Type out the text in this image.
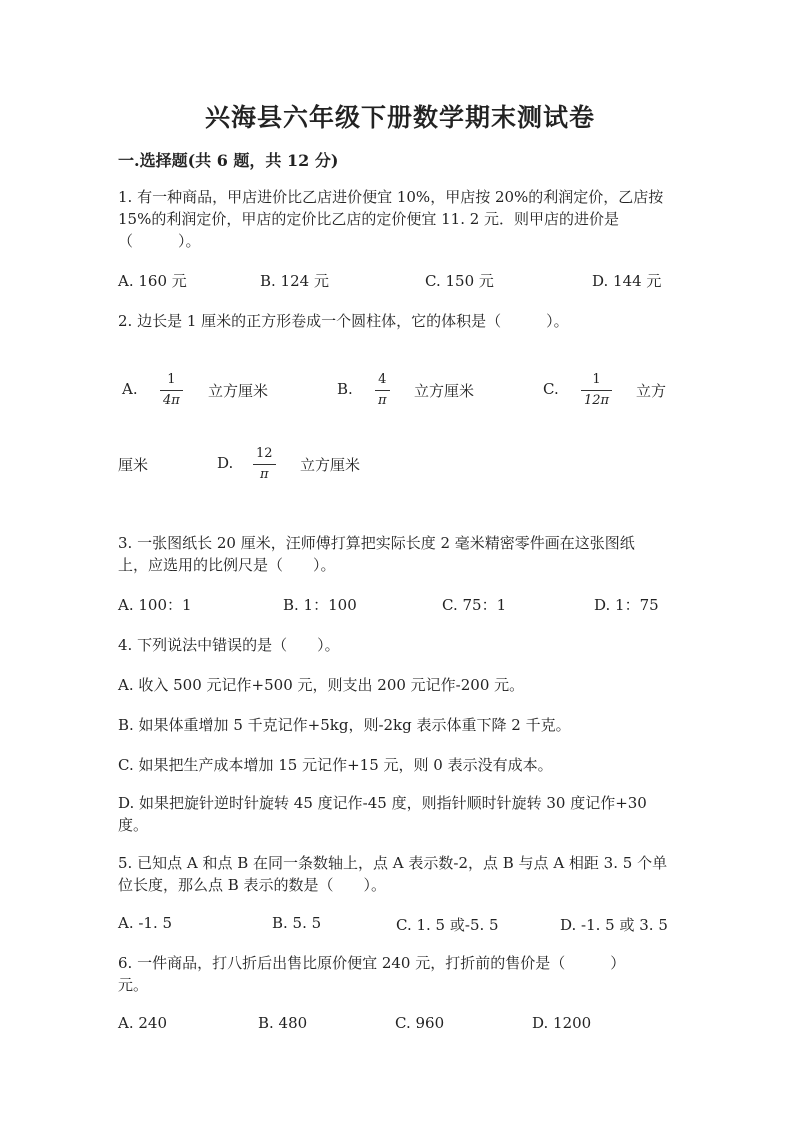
兴海县六年级下册数学期末测试卷
一.选择题(共 6 题，共 12 分)
1. 有一种商品，甲店进价比乙店进价便宜 10%，甲店按 20%的利润定价，乙店按
15%的利润定价，甲店的定价比乙店的定价便宜 11. 2 元．则甲店的进价是
（　　　）。
A. 160 元	B. 124 元	C. 150 元	D. 144 元
2. 边长是 1 厘米的正方形卷成一个圆柱体，它的体积是（　　　）。
A.
1
4π
立方厘米	B.
4
π
立方厘米	C.
1
12π
立方
厘米	D.
12
π
立方厘米
3. 一张图纸长 20 厘米，汪师傅打算把实际长度 2 毫米精密零件画在这张图纸
上，应选用的比例尺是（　　）。
A. 100：1	B. 1：100	C. 75：1	D. 1：75
4. 下列说法中错误的是（　　）。
A. 收入 500 元记作+500 元，则支出 200 元记作-200 元。
B. 如果体重增加 5 千克记作+5kg，则-2kg 表示体重下降 2 千克。
C. 如果把生产成本增加 15 元记作+15 元，则 0 表示没有成本。
D. 如果把旋针逆时针旋转 45 度记作-45 度，则指针顺时针旋转 30 度记作+30
度。
5. 已知点 A 和点 B 在同一条数轴上，点 A 表示数-2，点 B 与点 A 相距 3. 5 个单
位长度，那么点 B 表示的数是（　　）。
A. -1. 5	B. 5. 5	C. 1. 5 或-5. 5	D. -1. 5 或 3. 5
6. 一件商品，打八折后出售比原价便宜 240 元，打折前的售价是（　　　）
元。
A. 240	B. 480	C. 960	D. 1200
